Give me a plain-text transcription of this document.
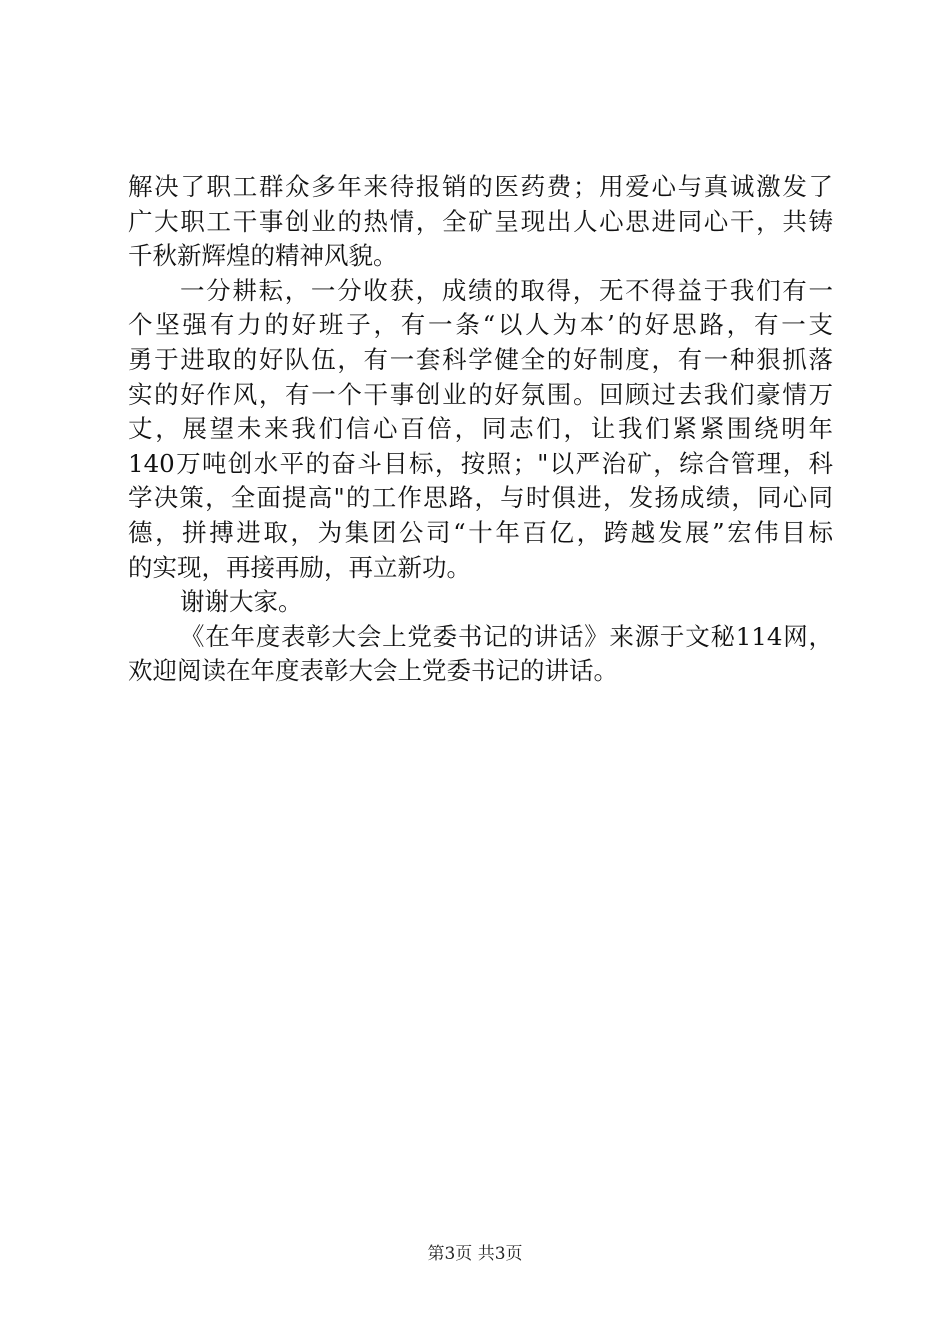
解决了职工群众多年来待报销的医药费；用爱心与真诚激发了
广大职工干事创业的热情，全矿呈现出人心思进同心干，共铸
千秋新辉煌的精神风貌。
一分耕耘，一分收获，成绩的取得，无不得益于我们有一
个坚强有力的好班子，有一条“以人为本’的好思路，有一支
勇于进取的好队伍，有一套科学健全的好制度，有一种狠抓落
实的好作风，有一个干事创业的好氛围。回顾过去我们豪情万
丈，展望未来我们信心百倍，同志们，让我们紧紧围绕明年
140万吨创水平的奋斗目标，按照；"以严治矿，综合管理，科
学决策，全面提高"的工作思路，与时俱进，发扬成绩，同心同
德，拼搏进取，为集团公司“十年百亿，跨越发展”宏伟目标
的实现，再接再励，再立新功。
谢谢大家。
《在年度表彰大会上党委书记的讲话》来源于文秘114网，
欢迎阅读在年度表彰大会上党委书记的讲话。
第3页 共3页
